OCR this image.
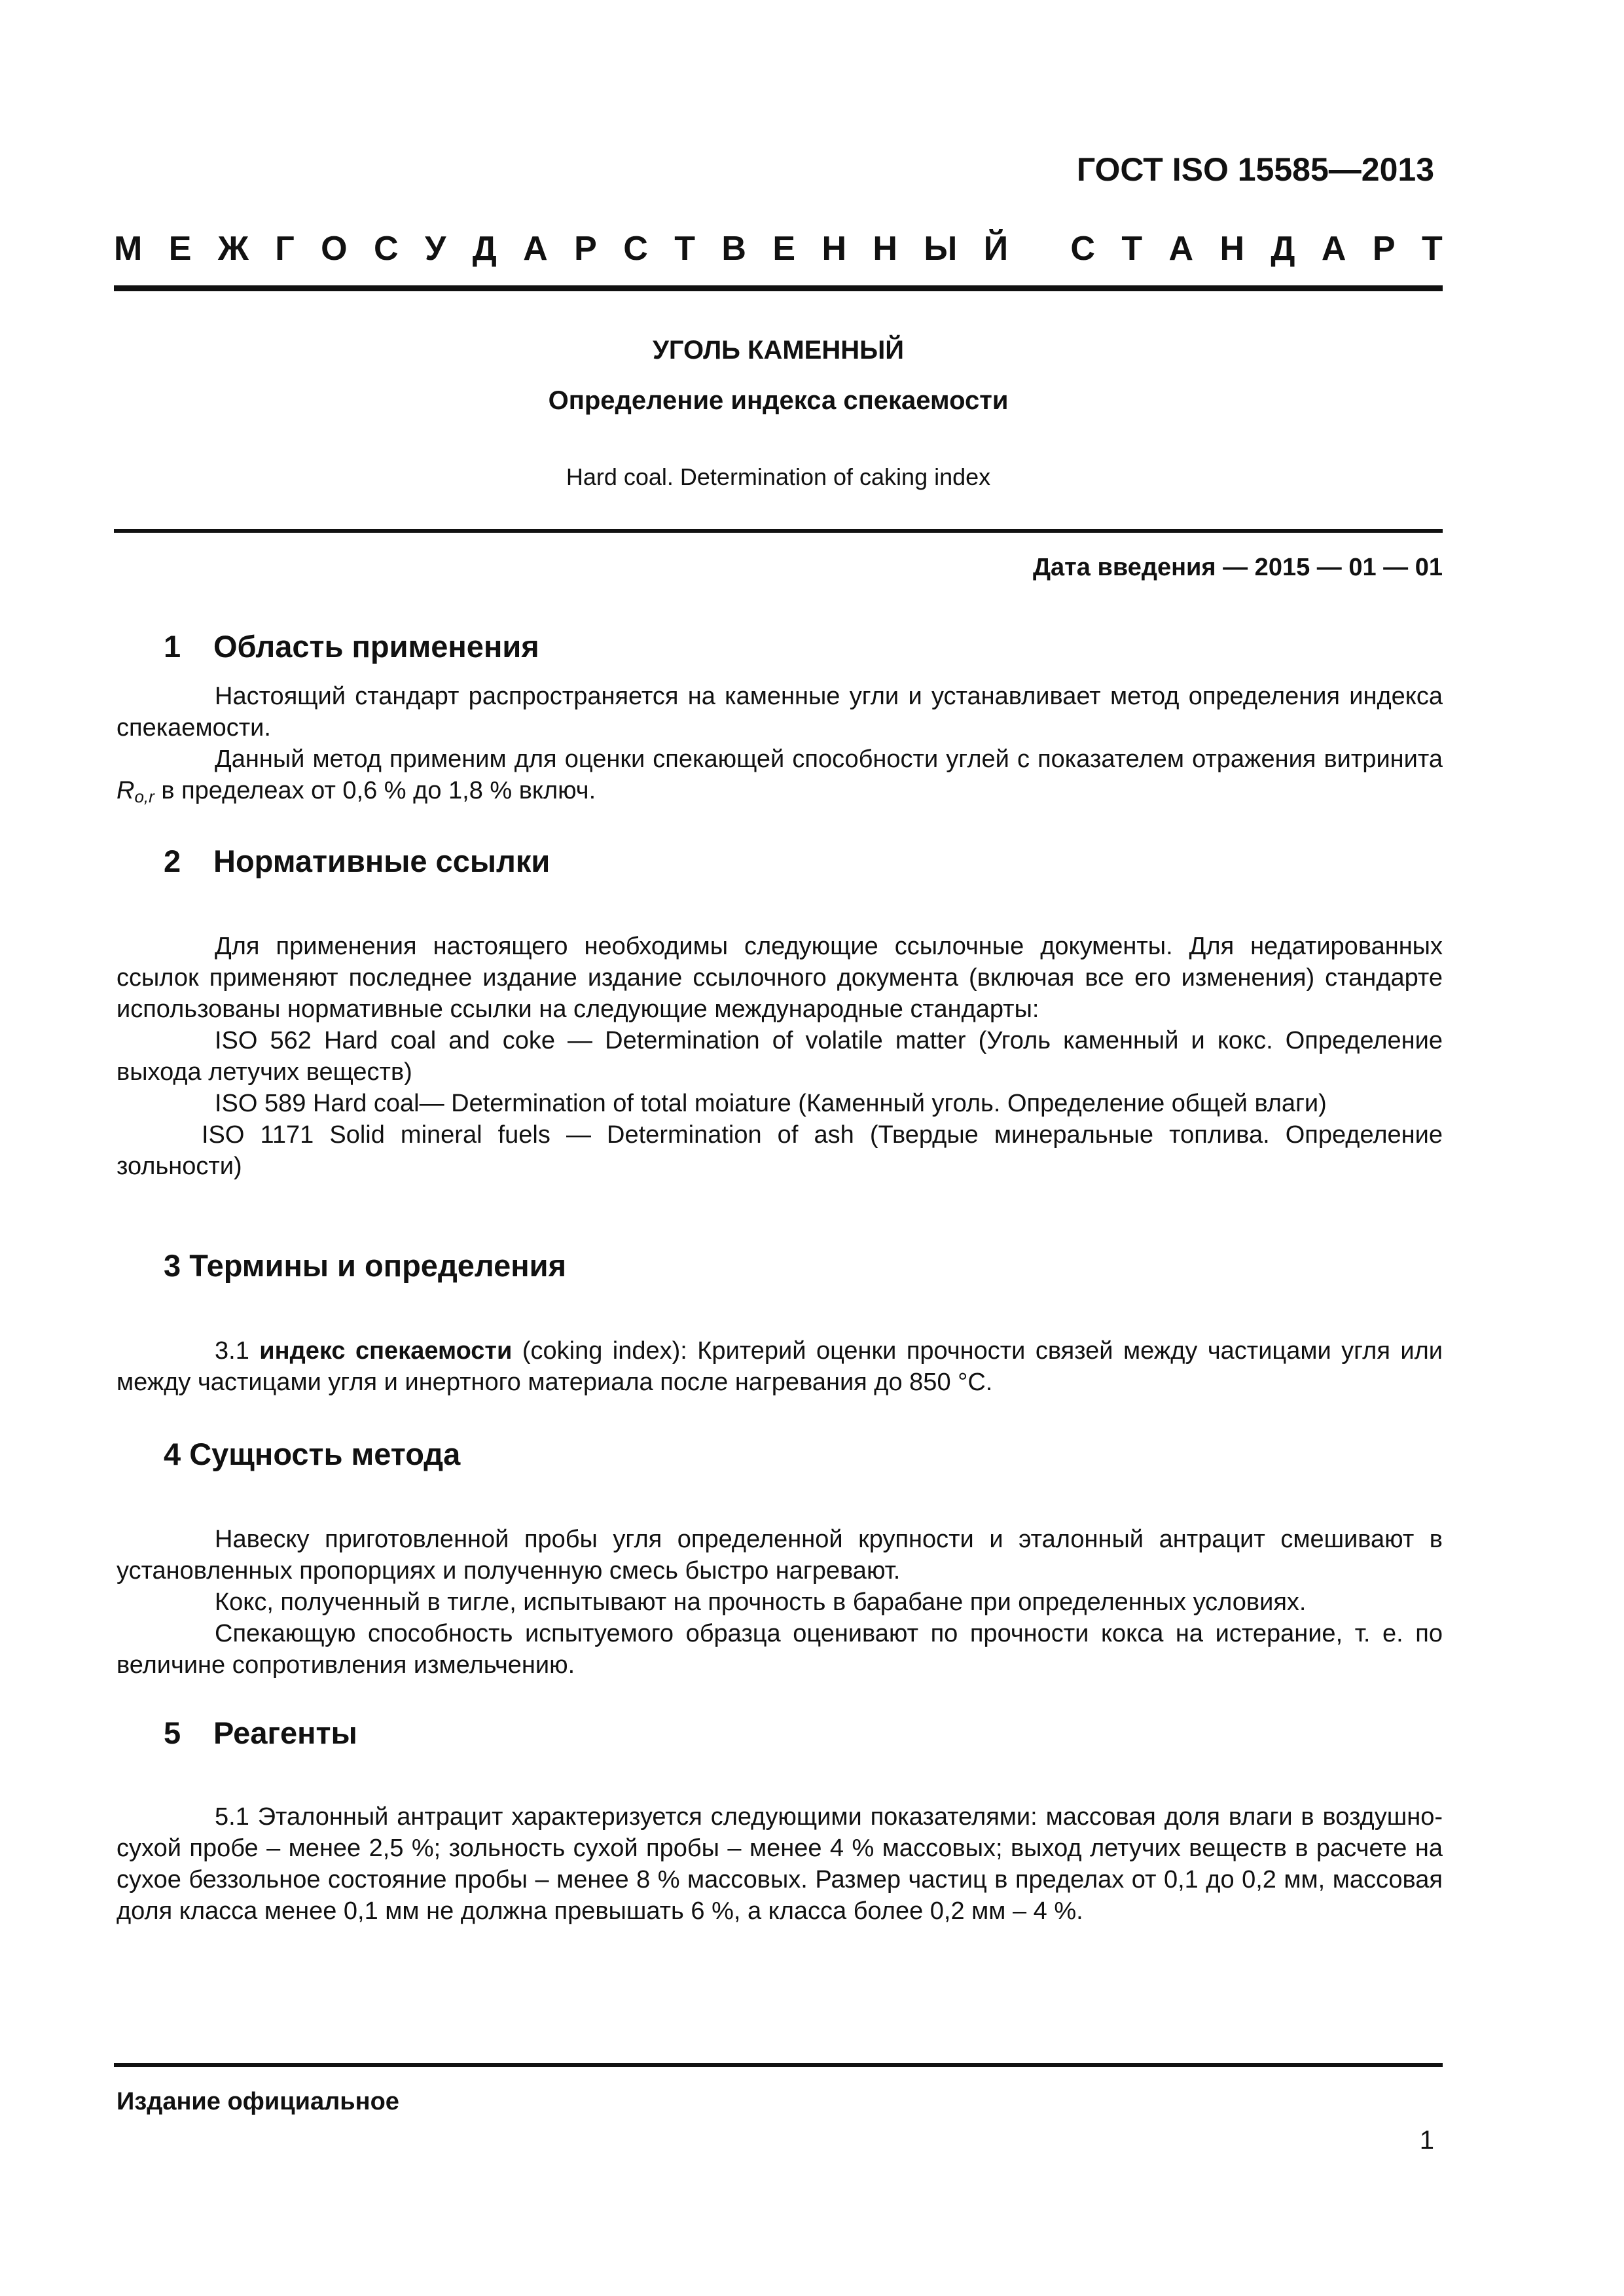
ГОСТ ISO 15585—2013
М Е Ж Г О С У Д А Р С Т В Е Н Н Ы Й
С Т А Н Д А Р Т
УГОЛЬ КАМЕННЫЙ
Определение индекса спекаемости
Hard coal. Determination of caking index
Дата введения — 2015 — 01 — 01
1 Область применения

Настоящий стандарт распространяется на каменные угли и устанавливает метод определения индекса спекаемости.

Данный метод применим для оценки спекающей способности углей с показателем отражения витринита $R_{o,r}$ в пределеах от 0,6 % до 1,8 % включ.

2 Нормативные ссылки

Для применения настоящего необходимы следующие ссылочные документы. Для недатированных ссылок применяют последнее издание издание ссылочного документа (включая все его изменения) стандарте использованы нормативные ссылки на следующие международные стандарты:

ISO 562 Hard coal and coke — Determination of volatile matter (Уголь каменный и кокс. Определение выхода летучих веществ)

ISO 589 Hard coal— Determination of total moiature (Каменный уголь. Определение общей влаги)

ISO 1171 Solid mineral fuels — Determination of ash (Твердые минеральные топлива. Определение зольности)

3 Термины и определения

3.1 индекс спекаемости (coking index): Критерий оценки прочности связей между частицами угля или между частицами угля и инертного материала после нагревания до 850 °С.

4 Сущность метода

Навеску приготовленной пробы угля определенной крупности и эталонный антрацит смешивают в установленных пропорциях и полученную смесь быстро нагревают.

Кокс, полученный в тигле, испытывают на прочность в барабане при определенных условиях.

Спекающую способность испытуемого образца оценивают по прочности кокса на истерание, т. е. по величине сопротивления измельчению.

5 Реагенты

5.1 Эталонный антрацит характеризуется следующими показателями: массовая доля влаги в воздушно-сухой пробе – менее 2,5 %; зольность сухой пробы – менее 4 % массовых; выход летучих веществ в расчете на сухое беззольное состояние пробы – менее 8 % массовых. Размер частиц в пределах от 0,1 до 0,2 мм, массовая доля класса менее 0,1 мм не должна превышать 6 %, а класса более 0,2 мм – 4 %.

Издание официальное
1
